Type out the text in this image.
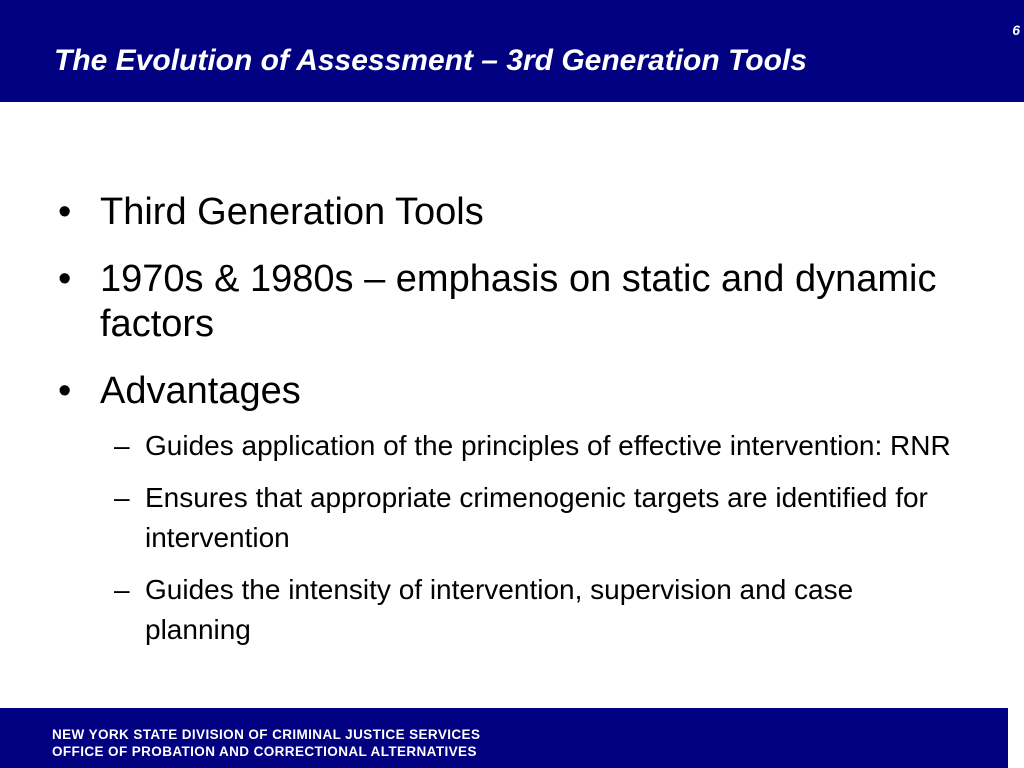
6
The Evolution of Assessment – 3rd Generation Tools
• Third Generation Tools
• 1970s & 1980s – emphasis on static and dynamic factors
• Advantages
– Guides application of the principles of effective intervention: RNR
– Ensures that appropriate crimenogenic targets are identified for intervention
– Guides the intensity of intervention, supervision and case planning
NEW YORK STATE DIVISION OF CRIMINAL JUSTICE SERVICES
OFFICE OF PROBATION AND CORRECTIONAL ALTERNATIVES
